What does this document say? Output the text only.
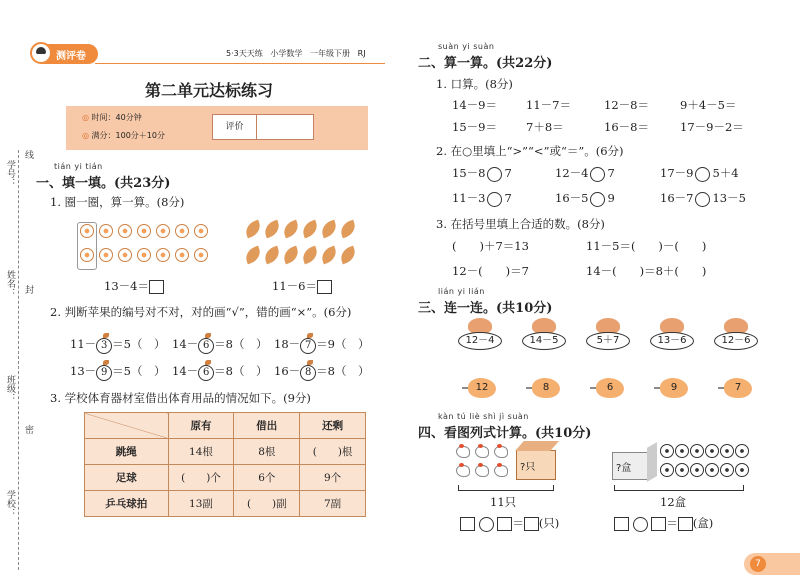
学号：
线
姓名： 封
班级：
密
学校：
测评卷	5·3天天练 小学数学 一年级下册 RJ
第二单元达标练习
◎ 时间：40分钟
◎ 满分：100分＋10分
评价
tián yi tián
一、填一填。(共23分)
1. 圈一圈，算一算。(8分)
13－4＝	11－6＝
2. 判断苹果的编号对不对，对的画“√”，错的画“×”。(6分)
11－ 3 ＝5（　） 14－ 6 ＝8（　） 18－ 7 ＝9（　）
13－ 9 ＝5（　） 14－ 6 ＝8（　） 16－ 8 ＝8（　）
3. 学校体育器材室借出体育用品的情况如下。(9分)
	原有	借出	还剩
跳绳	14根	8根	(　　)根
足球	(　　)个	6个	9个
乒乓球拍	13副	(　　)副	7副
suàn yi suàn
二、算一算。(共22分)
1. 口算。(8分)
14－9＝	11－7＝	12－8＝	9＋4－5＝
15－9＝	7＋8＝	16－8＝	17－9－2＝
2. 在○里填上“>”“<”或“＝”。(6分)
15－8 7	12－4 7	17－9 5＋4
11－3 7	16－5 9	16－7 13－5
3. 在括号里填上合适的数。(8分)
(　　)＋7＝13	11－5＝(　　)－(　　)
12－(　　)＝7	14－(　　)＝8＋(　　)
lián yi lián
三、连一连。(共10分)
12－4	14－5	5＋7	13－6	12－6
12	8	6	9	7
kàn tú liè shì jì suàn
四、看图列式计算。(共10分)
?只
11只
＝ (只)
?盒
12盒
＝ (盒)
7
